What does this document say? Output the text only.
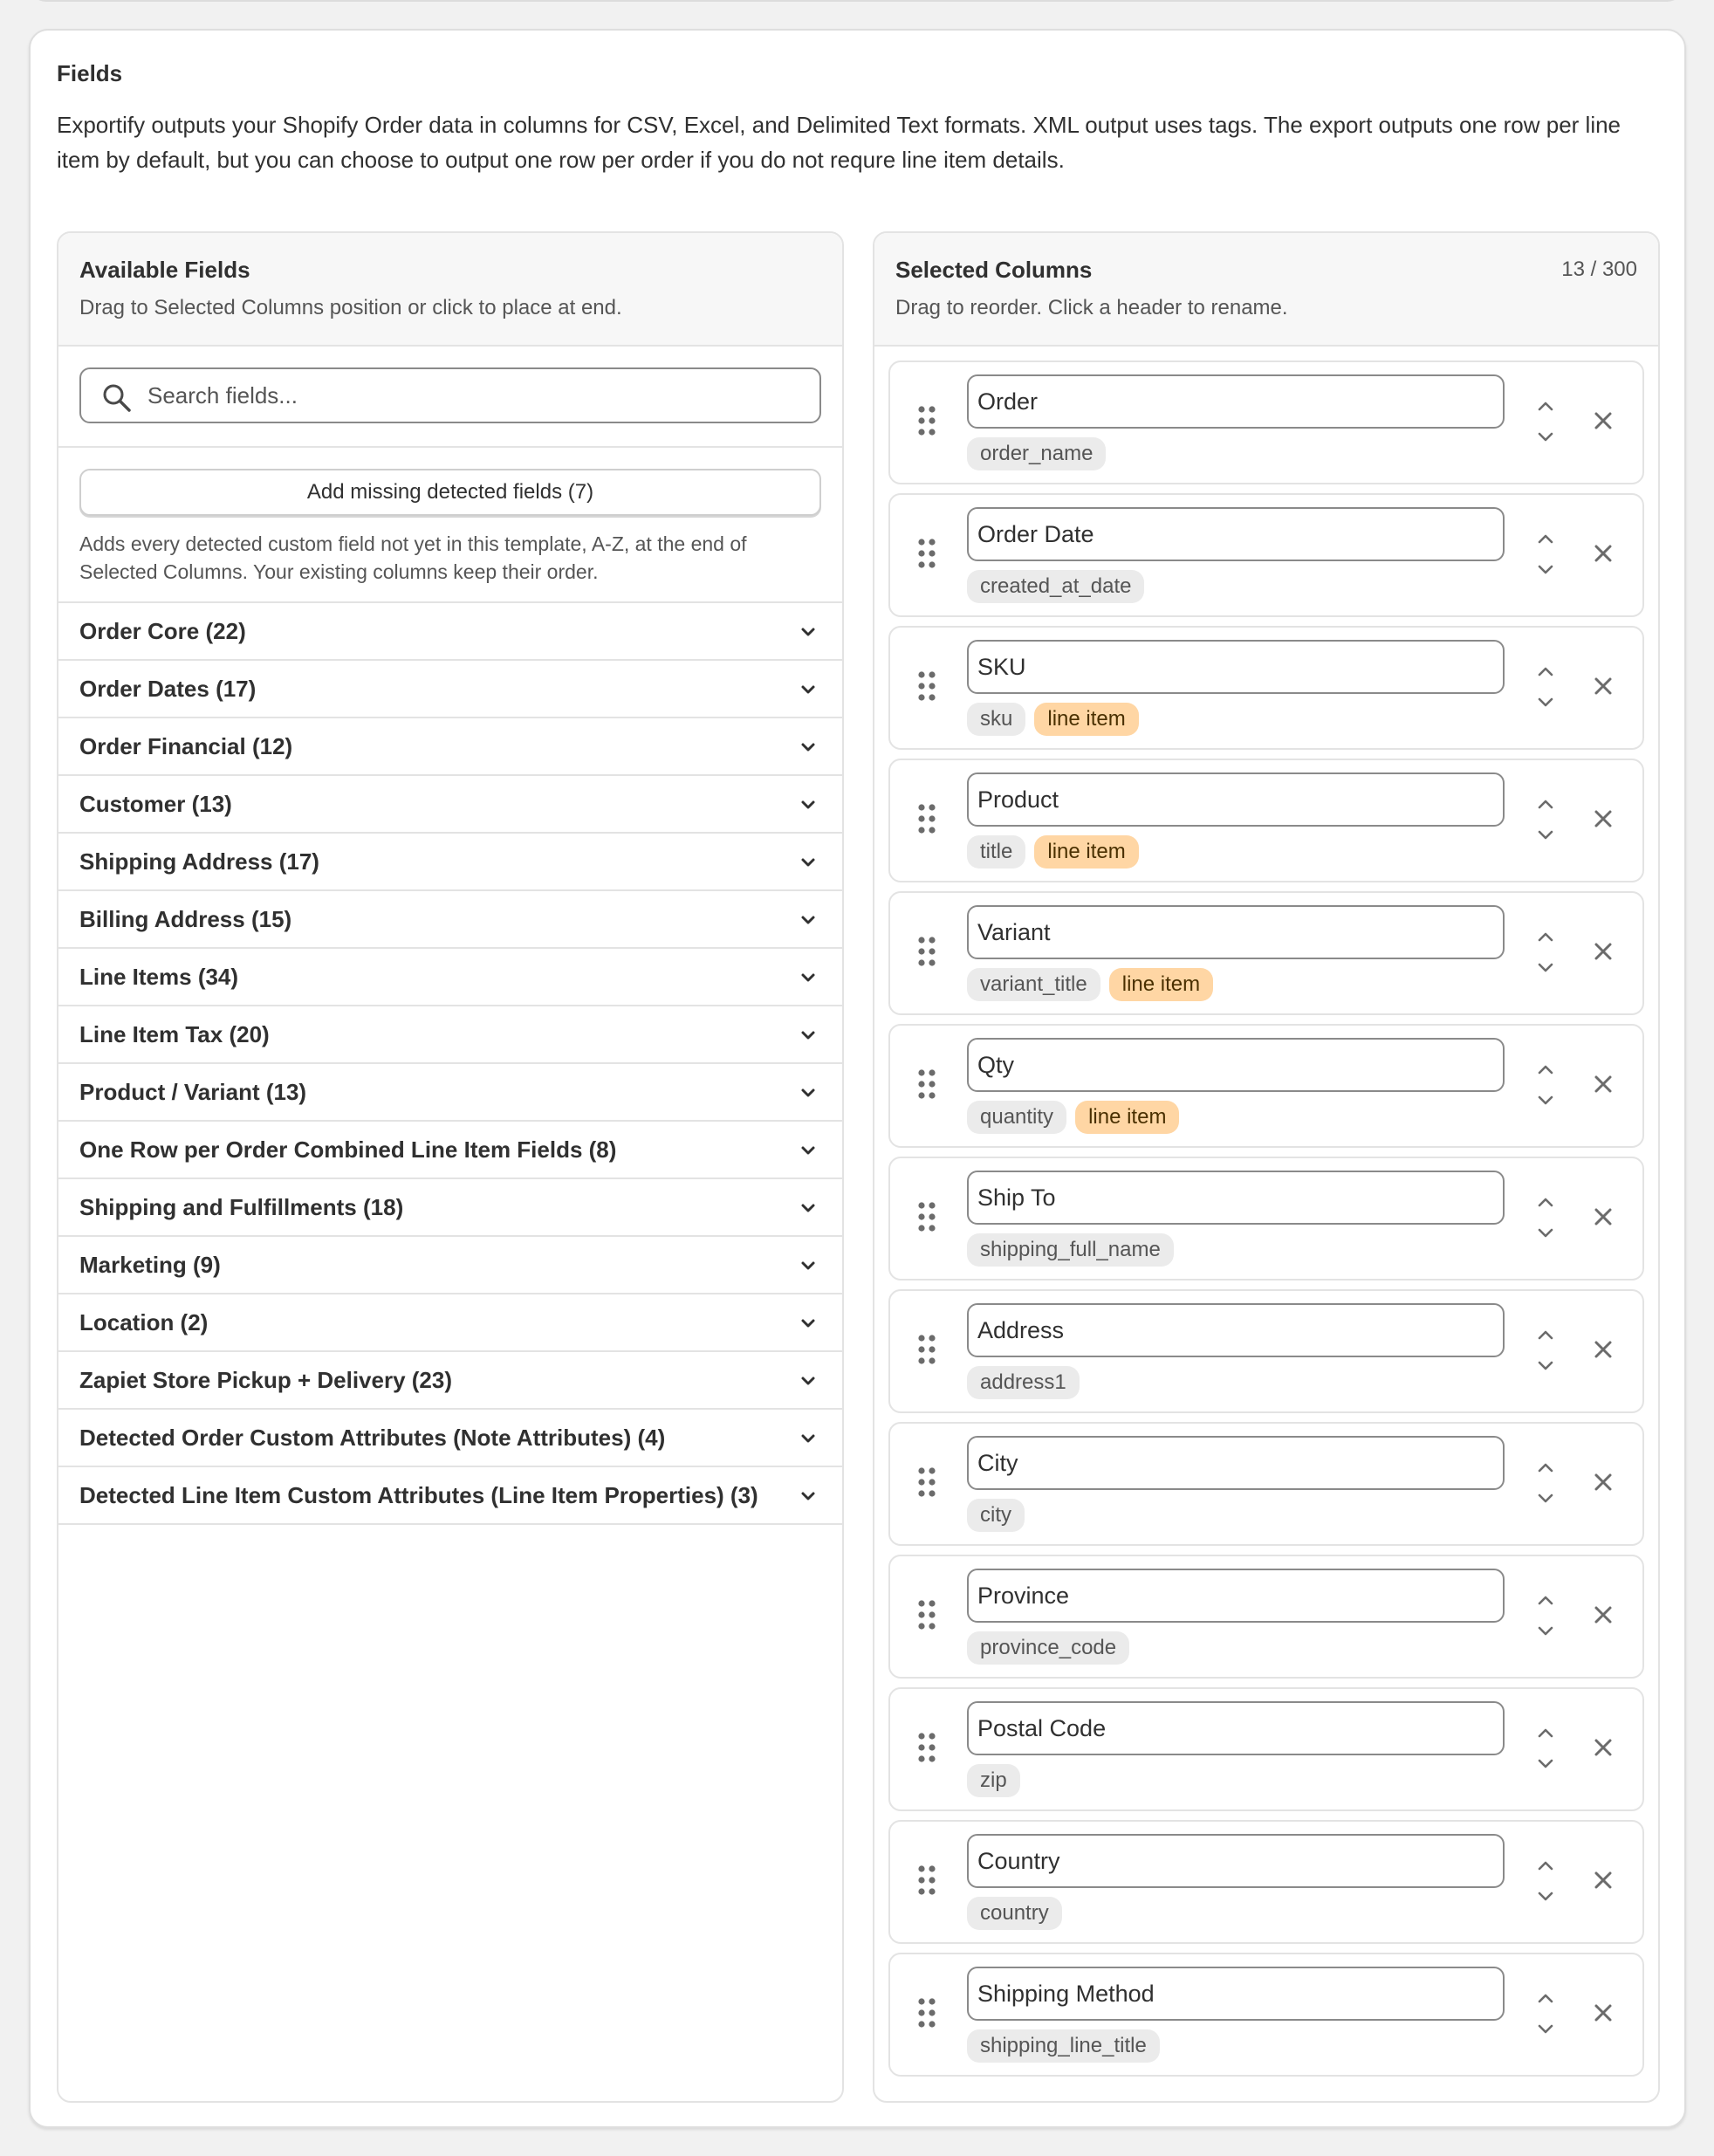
Fields
Exportify outputs your Shopify Order data in columns for CSV, Excel, and Delimited Text formats. XML output uses tags. The export outputs one row per line item by default, but you can choose to output one row per order if you do not requre line item details.
Available Fields
Drag to Selected Columns position or click to place at end.
Search fields...
Add missing detected fields (7)
Adds every detected custom field not yet in this template, A-Z, at the end of Selected Columns. Your existing columns keep their order.
Order Core (22)
Order Dates (17)
Order Financial (12)
Customer (13)
Shipping Address (17)
Billing Address (15)
Line Items (34)
Line Item Tax (20)
Product / Variant (13)
One Row per Order Combined Line Item Fields (8)
Shipping and Fulfillments (18)
Marketing (9)
Location (2)
Zapiet Store Pickup + Delivery (23)
Detected Order Custom Attributes (Note Attributes) (4)
Detected Line Item Custom Attributes (Line Item Properties) (3)
Selected Columns
Drag to reorder. Click a header to rename.
13 / 300
Order
order_name
Order Date
created_at_date
SKU
sku	line item
Product
title	line item
Variant
variant_title	line item
Qty
quantity	line item
Ship To
shipping_full_name
Address
address1
City
city
Province
province_code
Postal Code
zip
Country
country
Shipping Method
shipping_line_title
